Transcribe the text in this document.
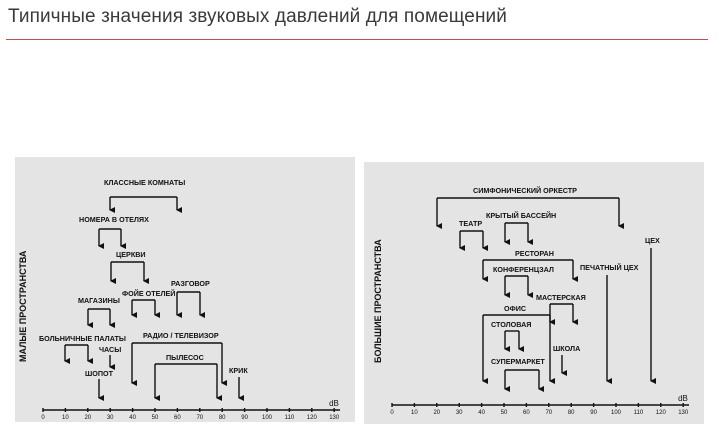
Типичные значения звуковых давлений для помещений
0	10	20	30	40	50	60	70	80	90 100 110 120 130
dB
МАЛЫЕ ПРОСТРАНСТВА
КЛАССНЫЕ КОМНАТЫ
НОМЕРА В ОТЕЛЯХ
ЦЕРКВИ
ФОЙЕ ОТЕЛЕЙ
РАЗГОВОР
МАГАЗИНЫ
БОЛЬНИЧНЫЕ ПАЛАТЫ
ЧАСЫ
РАДИО / ТЕЛЕВИЗОР
ШОПОТ
ПЫЛЕСОС
КРИК
0	10	20	30	40	50	60	70	80	90 100 110 120 130
dB
БОЛЬШИЕ ПРОСТРАНСТВА
СИМФОНИЧЕСКИЙ ОРКЕСТР
ТЕАТР
КРЫТЫЙ БАССЕЙН
РЕСТОРАН
КОНФЕРЕНЦЗАЛ	ПЕЧАТНЫЙ ЦЕХ
ЦЕХ
МАСТЕРСКАЯ
ОФИС
СТОЛОВАЯ
ШКОЛА
СУПЕРМАРКЕТ
